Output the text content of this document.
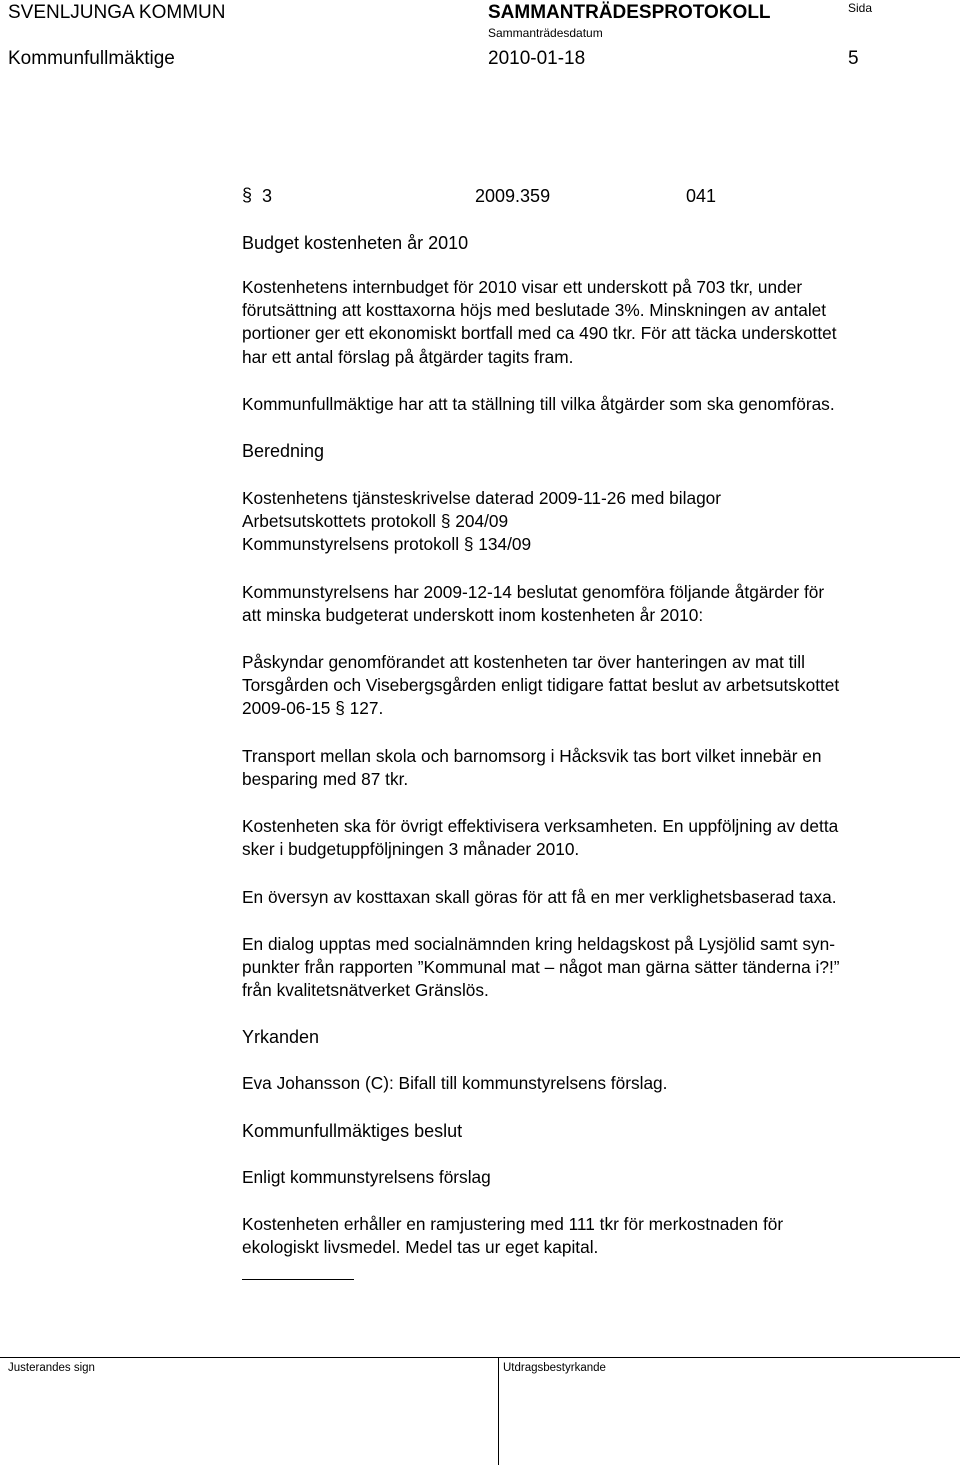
SVENLJUNGA KOMMUN	SAMMANTRÄDESPROTOKOLL	Sida
Sammanträdesdatum
Kommunfullmäktige	2010-01-18	5
§ 3	2009.359	041
Budget kostenheten år 2010
Kostenhetens internbudget för 2010 visar ett underskott på 703 tkr, under
förutsättning att kosttaxorna höjs med beslutade 3%. Minskningen av antalet
portioner ger ett ekonomiskt bortfall med ca 490 tkr. För att täcka underskottet
har ett antal förslag på åtgärder tagits fram.
Kommunfullmäktige har att ta ställning till vilka åtgärder som ska genomföras.
Beredning
Kostenhetens tjänsteskrivelse daterad 2009-11-26 med bilagor
Arbetsutskottets protokoll § 204/09
Kommunstyrelsens protokoll § 134/09
Kommunstyrelsens har 2009-12-14 beslutat genomföra följande åtgärder för
att minska budgeterat underskott inom kostenheten år 2010:
Påskyndar genomförandet att kostenheten tar över hanteringen av mat till
Torsgården och Visebergsgården enligt tidigare fattat beslut av arbetsutskottet
2009-06-15 § 127.
Transport mellan skola och barnomsorg i Håcksvik tas bort vilket innebär en
besparing med 87 tkr.
Kostenheten ska för övrigt effektivisera verksamheten. En uppföljning av detta
sker i budgetuppföljningen 3 månader 2010.
En översyn av kosttaxan skall göras för att få en mer verklighetsbaserad taxa.
En dialog upptas med socialnämnden kring heldagskost på Lysjölid samt syn-
punkter från rapporten ”Kommunal mat – något man gärna sätter tänderna i?!”
från kvalitetsnätverket Gränslös.
Yrkanden
Eva Johansson (C): Bifall till kommunstyrelsens förslag.
Kommunfullmäktiges beslut
Enligt kommunstyrelsens förslag
Kostenheten erhåller en ramjustering med 111 tkr för merkostnaden för
ekologiskt livsmedel. Medel tas ur eget kapital.
Justerandes sign	Utdragsbestyrkande
